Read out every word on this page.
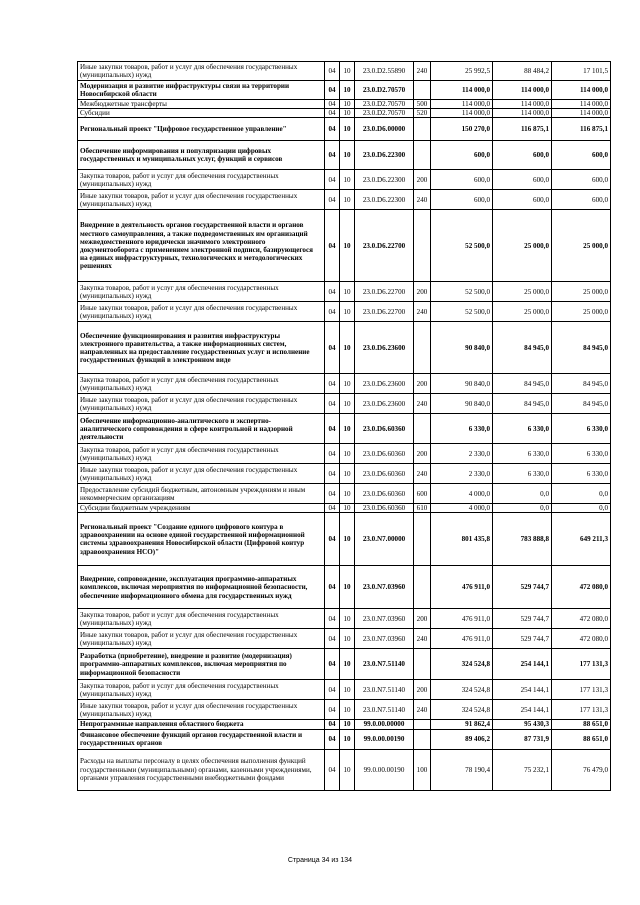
Иные закупки товаров, работ и услуг для обеспечения государственных (муниципальных) нужд	04	10	23.0.D2.55890	240	25 992,5	88 484,2	17 101,5
Модернизация и развитие инфраструктуры связи на территории Новосибирской области	04	10	23.0.D2.70570		114 000,0	114 000,0	114 000,0
Межбюджетные трансферты	04	10	23.0.D2.70570	500	114 000,0	114 000,0	114 000,0
Субсидии	04	10	23.0.D2.70570	520	114 000,0	114 000,0	114 000,0
Региональный проект "Цифровое государственное управление"	04	10	23.0.D6.00000		150 270,0	116 875,1	116 875,1
Обеспечение информирования и популяризации цифровых государственных и муниципальных услуг, функций и сервисов	04	10	23.0.D6.22300		600,0	600,0	600,0
Закупка товаров, работ и услуг для обеспечения государственных (муниципальных) нужд	04	10	23.0.D6.22300	200	600,0	600,0	600,0
Иные закупки товаров, работ и услуг для обеспечения государственных (муниципальных) нужд	04	10	23.0.D6.22300	240	600,0	600,0	600,0
Внедрение в деятельность органов государственной власти и органов местного самоуправления, а также подведомственных им организаций межведомственного юридически значимого электронного документооборота с применением электронной подписи, базирующегося на единых инфраструктурных, технологических и методологических решениях	04	10	23.0.D6.22700		52 500,0	25 000,0	25 000,0
Закупка товаров, работ и услуг для обеспечения государственных (муниципальных) нужд	04	10	23.0.D6.22700	200	52 500,0	25 000,0	25 000,0
Иные закупки товаров, работ и услуг для обеспечения государственных (муниципальных) нужд	04	10	23.0.D6.22700	240	52 500,0	25 000,0	25 000,0
Обеспечение функционирования и развития инфраструктуры электронного правительства, а также информационных систем, направленных на предоставление государственных услуг и исполнение государственных функций в электронном виде	04	10	23.0.D6.23600		90 840,0	84 945,0	84 945,0
Закупка товаров, работ и услуг для обеспечения государственных (муниципальных) нужд	04	10	23.0.D6.23600	200	90 840,0	84 945,0	84 945,0
Иные закупки товаров, работ и услуг для обеспечения государственных (муниципальных) нужд	04	10	23.0.D6.23600	240	90 840,0	84 945,0	84 945,0
Обеспечение информационно-аналитического и экспертно-аналитического сопровождения в сфере контрольной и надзорной деятельности	04	10	23.0.D6.60360		6 330,0	6 330,0	6 330,0
Закупка товаров, работ и услуг для обеспечения государственных (муниципальных) нужд	04	10	23.0.D6.60360	200	2 330,0	6 330,0	6 330,0
Иные закупки товаров, работ и услуг для обеспечения государственных (муниципальных) нужд	04	10	23.0.D6.60360	240	2 330,0	6 330,0	6 330,0
Предоставление субсидий бюджетным, автономным учреждениям и иным некоммерческим организациям	04	10	23.0.D6.60360	600	4 000,0	0,0	0,0
Субсидии бюджетным учреждениям	04	10	23.0.D6.60360	610	4 000,0	0,0	0,0
Региональный проект "Создание единого цифрового контура в здравоохранении на основе единой государственной информационной системы здравоохранения Новосибирской области (Цифровой контур здравоохранения НСО)"	04	10	23.0.N7.00000		801 435,8	783 888,8	649 211,3
Внедрение, сопровождение, эксплуатация программно-аппаратных комплексов, включая мероприятия по информационной безопасности, обеспечение информационного обмена для государственных нужд	04	10	23.0.N7.03960		476 911,0	529 744,7	472 080,0
Закупка товаров, работ и услуг для обеспечения государственных (муниципальных) нужд	04	10	23.0.N7.03960	200	476 911,0	529 744,7	472 080,0
Иные закупки товаров, работ и услуг для обеспечения государственных (муниципальных) нужд	04	10	23.0.N7.03960	240	476 911,0	529 744,7	472 080,0
Разработка (приобретение), внедрение и развитие (модернизация) программно-аппаратных комплексов, включая мероприятия по информационной безопасности	04	10	23.0.N7.51140		324 524,8	254 144,1	177 131,3
Закупка товаров, работ и услуг для обеспечения государственных (муниципальных) нужд	04	10	23.0.N7.51140	200	324 524,8	254 144,1	177 131,3
Иные закупки товаров, работ и услуг для обеспечения государственных (муниципальных) нужд	04	10	23.0.N7.51140	240	324 524,8	254 144,1	177 131,3
Непрограммные направления областного бюджета	04	10	99.0.00.00000		91 862,4	95 430,3	88 651,0
Финансовое обеспечение функций органов государственной власти и государственных органов	04	10	99.0.00.00190		89 406,2	87 731,9	88 651,0
Расходы на выплаты персоналу в целях обеспечения выполнения функций государственными (муниципальными) органами, казенными учреждениями, органами управления государственными внебюджетными фондами	04	10	99.0.00.00190	100	78 190,4	75 232,1	76 479,0
Страница 34 из 134
